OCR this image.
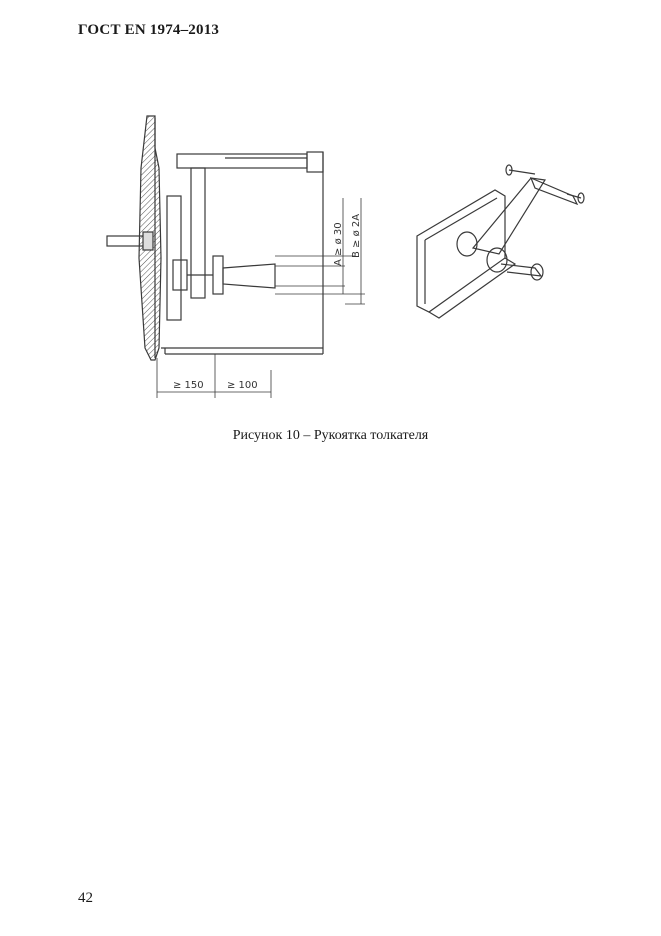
ГОСТ EN 1974–2013
≥ 150 ≥ 100
A ≥ ø 30 B ≥ ø 2A
Рисунок 10 – Рукоятка толкателя
42
